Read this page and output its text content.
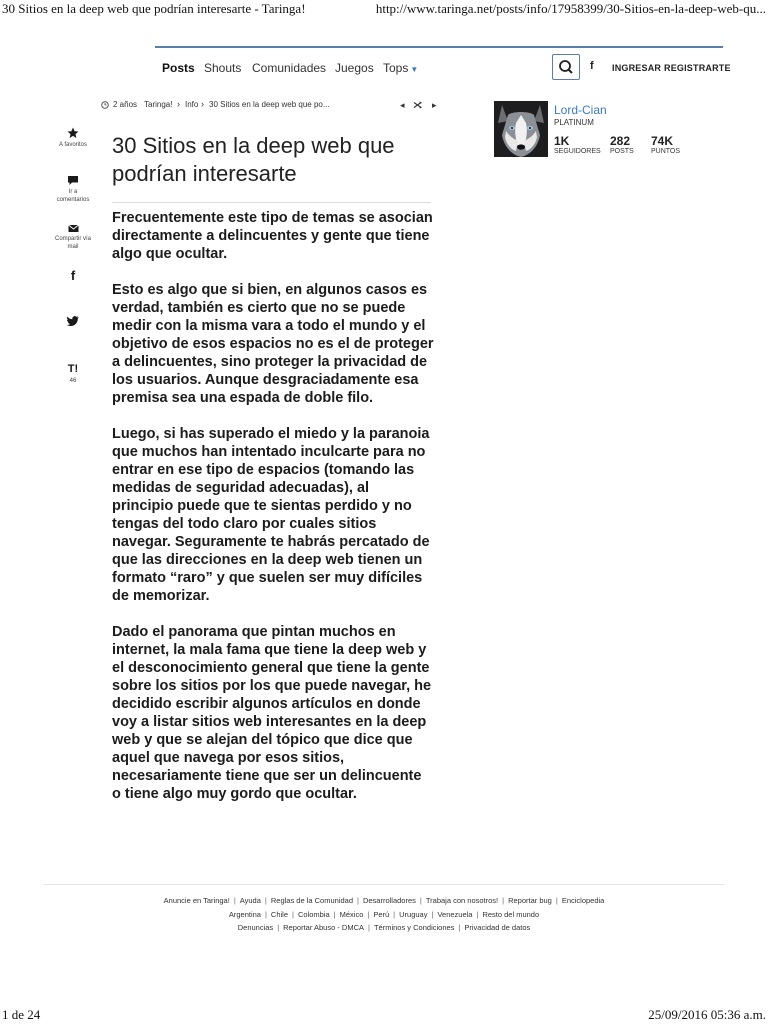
30 Sitios en la deep web que podrían interesarte - Taringa!	http://www.taringa.net/posts/info/17958399/30-Sitios-en-la-deep-web-qu...
Posts Shouts Comunidades Juegos Tops ▼	f INGRESAR REGISTRARTE
2 años Taringa! › Info › 30 Sitios en la deep web que po...	◂	▸
A favoritos
Ir a comentarios
Compartir vía mail
f
T!
46
30 Sitios en la deep web que podrían interesarte

Frecuentemente este tipo de temas se asocian directamente a delincuentes y gente que tiene algo que ocultar.

Esto es algo que si bien, en algunos casos es verdad, también es cierto que no se puede medir con la misma vara a todo el mundo y el objetivo de esos espacios no es el de proteger a delincuentes, sino proteger la privacidad de los usuarios. Aunque desgraciadamente esa premisa sea una espada de doble filo.

Luego, si has superado el miedo y la paranoia que muchos han intentado inculcarte para no entrar en ese tipo de espacios (tomando las medidas de seguridad adecuadas), al principio puede que te sientas perdido y no tengas del todo claro por cuales sitios navegar. Seguramente te habrás percatado de que las direcciones en la deep web tienen un formato “raro” y que suelen ser muy difíciles de memorizar.

Dado el panorama que pintan muchos en internet, la mala fama que tiene la deep web y el desconocimiento general que tiene la gente sobre los sitios por los que puede navegar, he decidido escribir algunos artículos en donde voy a listar sitios web interesantes en la deep web y que se alejan del tópico que dice que aquel que navega por esos sitios, necesariamente tiene que ser un delincuente o tiene algo muy gordo que ocultar.

Lord-Cian
PLATINUM
1K
SEGUIDORES
282
POSTS
74K
PUNTOS
Anuncie en Taringa! | Ayuda | Reglas de la Comunidad | Desarrolladores | Trabaja con nosotros! | Reportar bug | Enciclopedia
Argentina | Chile | Colombia | México | Perú | Uruguay | Venezuela | Resto del mundo
Denuncias | Reportar Abuso - DMCA | Términos y Condiciones | Privacidad de datos
1 de 24	25/09/2016 05:36 a.m.
